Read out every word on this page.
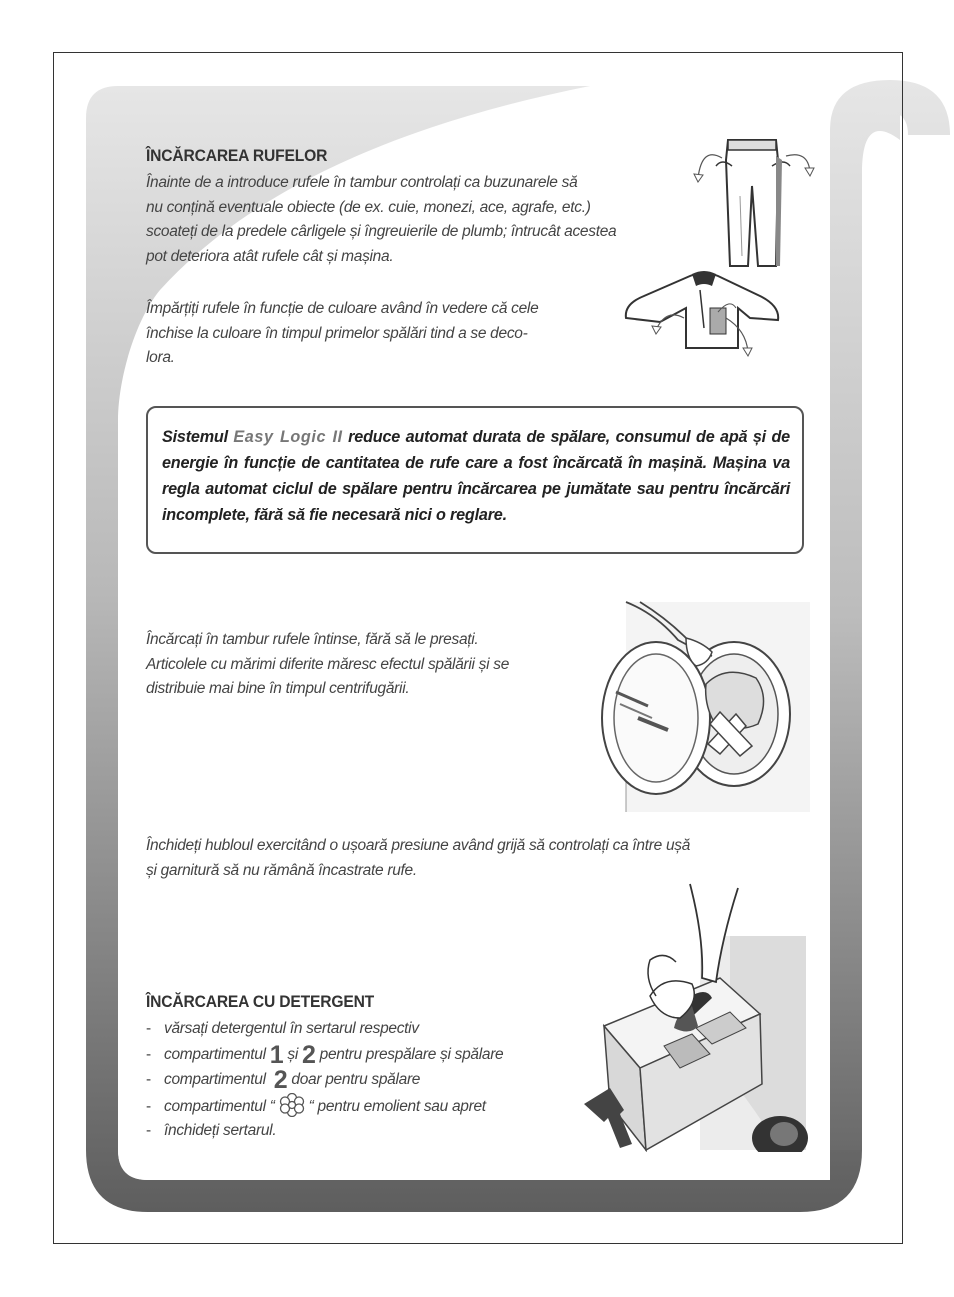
ÎNCĂRCAREA RUFELOR
Înainte de a introduce rufele în tambur controlați ca buzunarele să
nu conțină eventuale obiecte (de ex. cuie, monezi, ace, agrafe, etc.)
scoateți de la predele cârligele și îngreuierile de plumb; întrucât acestea
pot deteriora atât rufele cât și mașina.
Împărțiți rufele în funcție de culoare având în vedere că cele
închise la culoare în timpul primelor spălări tind a se deco-
lora.

Sistemul Easy Logic II reduce automat durata de spălare, consumul de apă și de energie în funcție de cantitatea de rufe care a fost încărcată în mașină. Mașina va regla automat ciclul de spălare pentru încărcarea pe jumătate sau pentru încărcări incomplete, fără să fie necesară nici o reglare.

Încărcați în tambur rufele întinse, fără să le presați.
Articolele cu mărimi diferite măresc efectul spălării și se
distribuie mai bine în timpul centrifugării.
Închideți hubloul exercitând o ușoară presiune având grijă să controlați ca între ușă
și garnitură să nu rămână încastrate rufe.
ÎNCĂRCAREA CU DETERGENT
- vărsați detergentul în sertarul respectiv
- compartimentul 1 și 2 pentru prespălare și spălare
- compartimentul 2 doar pentru spălare
- compartimentul “ “ pentru emolient sau apret
- închideți sertarul.
